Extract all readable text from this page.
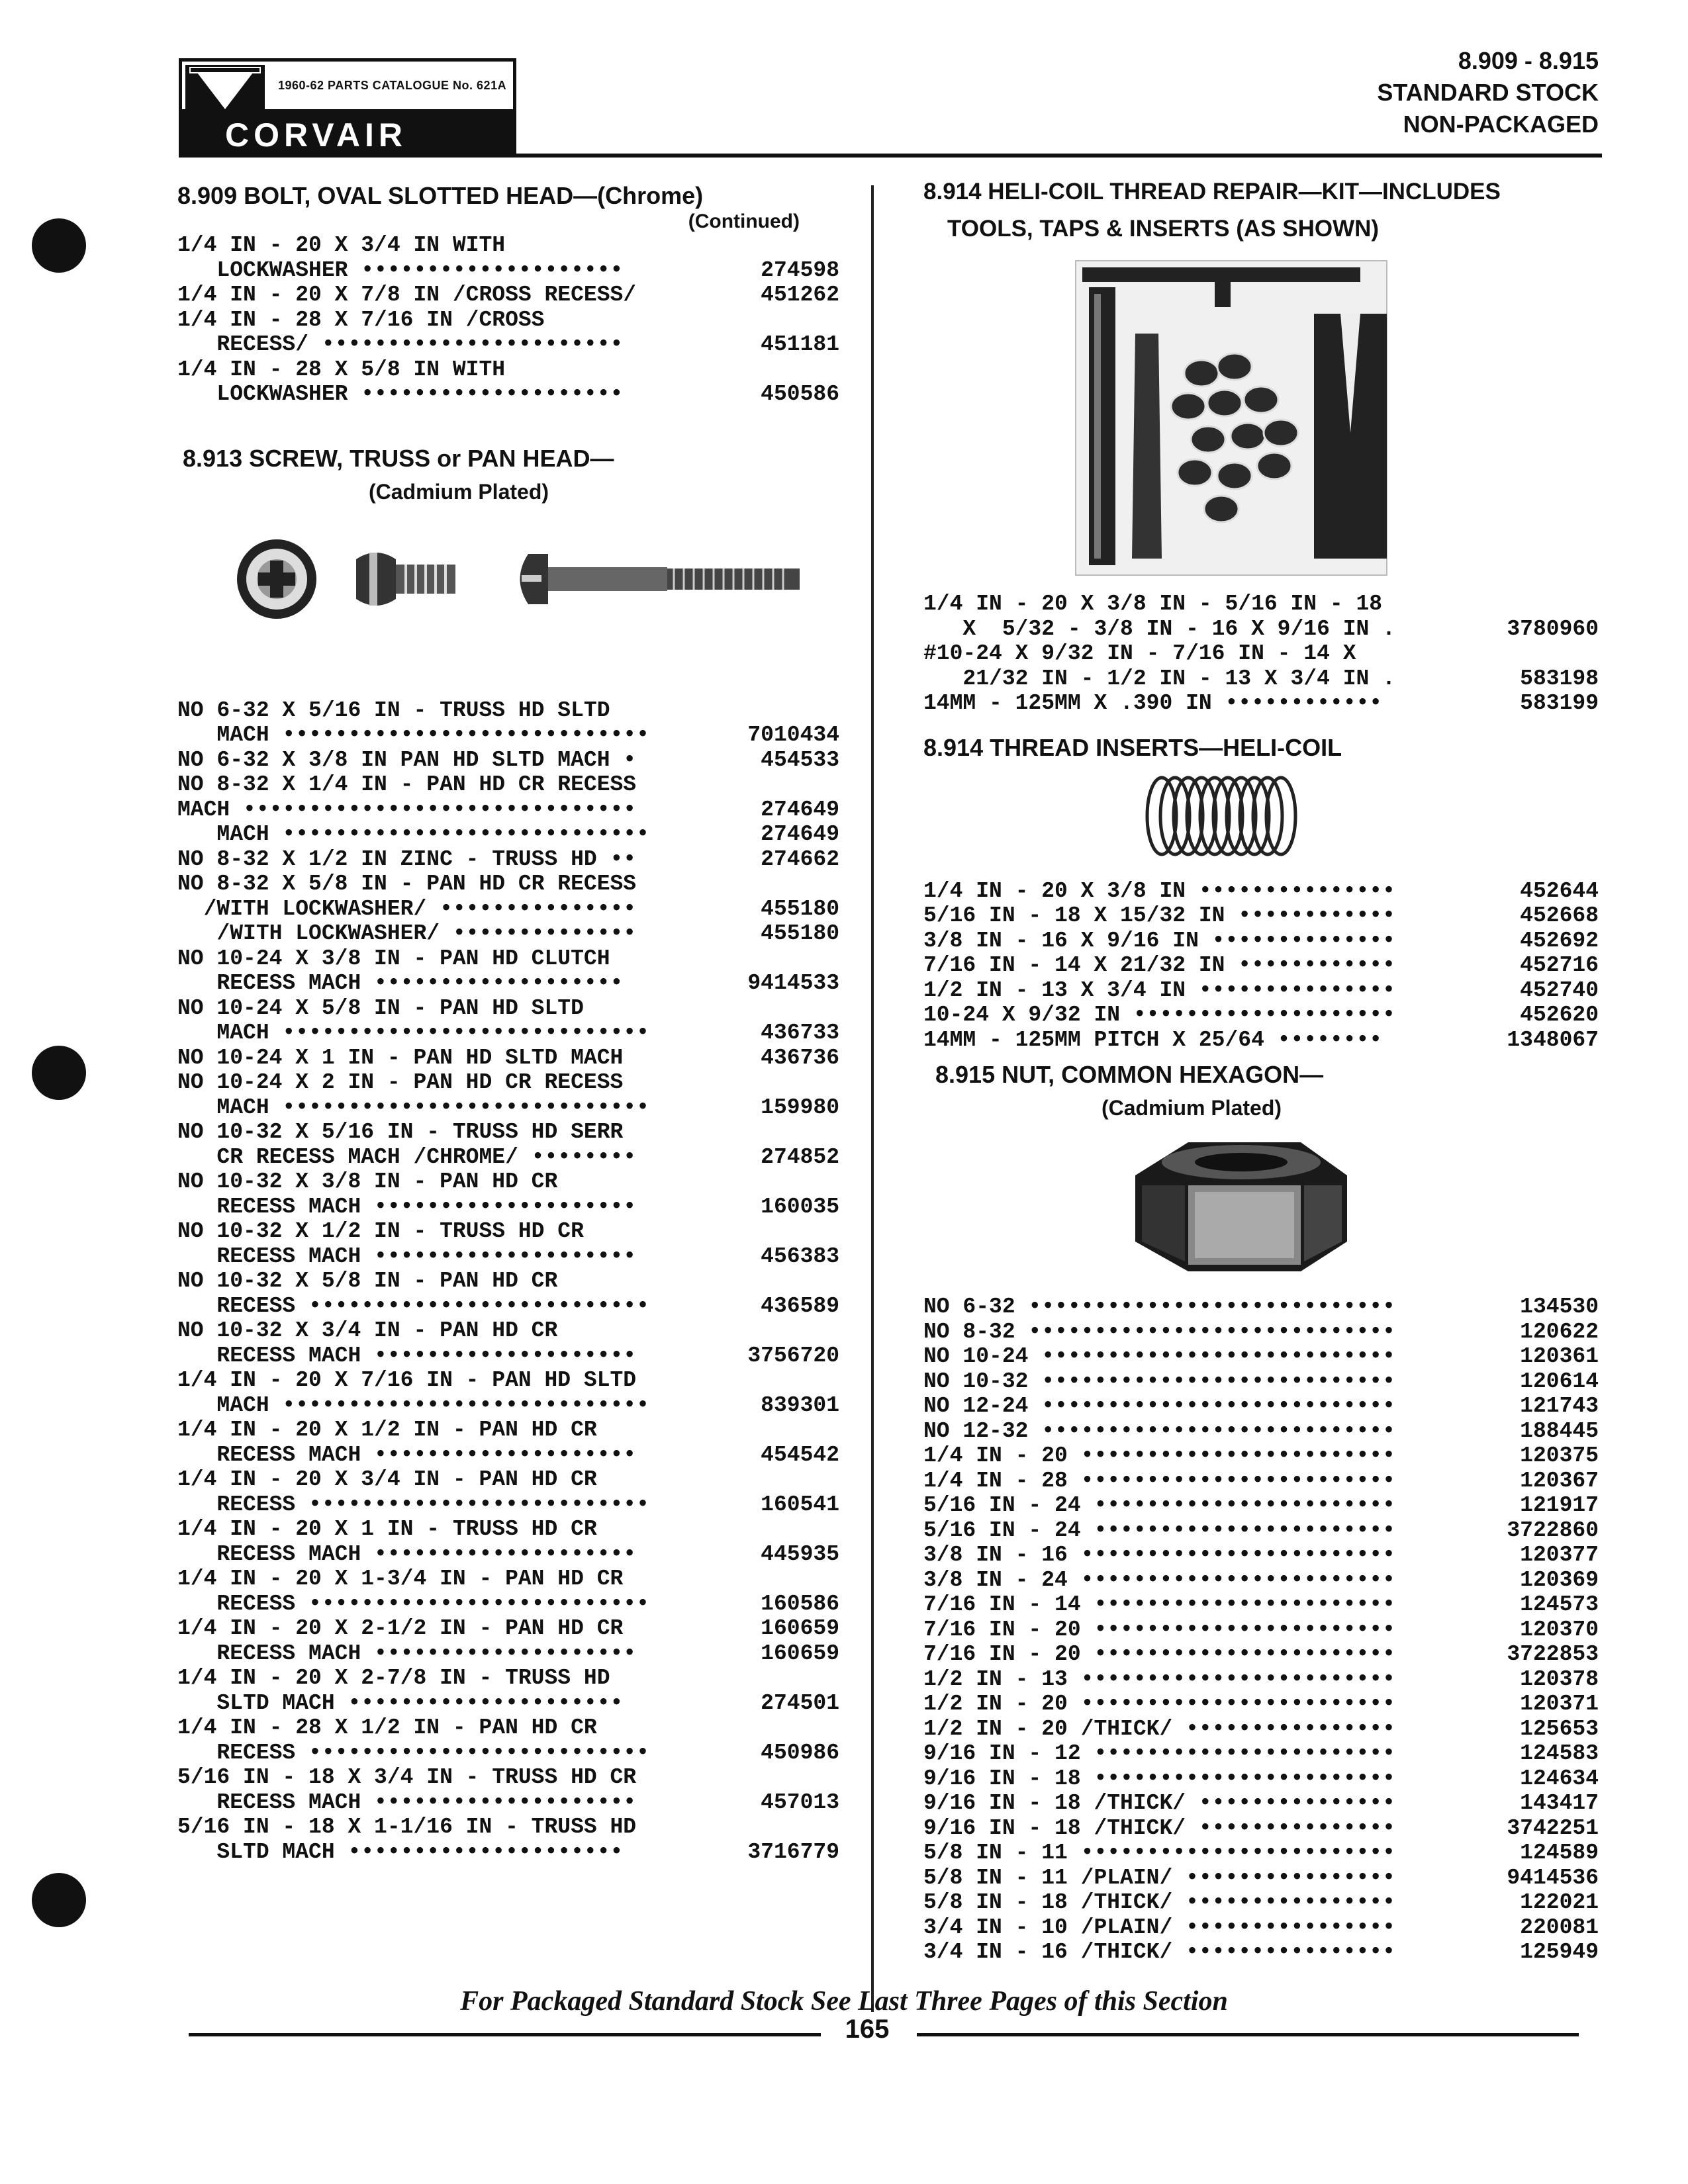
1960-62 PARTS CATALOGUE No. 621A
CORVAIR
8.909 - 8.915
STANDARD STOCK
NON-PACKAGED
8.909 BOLT, OVAL SLOTTED HEAD—(Chrome)
(Continued)
1/4 IN - 20 X 3/4 IN WITH
LOCKWASHER ••••••••••••••••••••	274598
1/4 IN - 20 X 7/8 IN /CROSS RECESS/	451262
1/4 IN - 28 X 7/16 IN /CROSS
RECESS/ •••••••••••••••••••••••	451181
1/4 IN - 28 X 5/8 IN WITH
LOCKWASHER ••••••••••••••••••••	450586
8.913 SCREW, TRUSS or PAN HEAD—
(Cadmium Plated)
NO 6-32 X 5/16 IN - TRUSS HD SLTD
MACH ••••••••••••••••••••••••••••	7010434
NO 6-32 X 3/8 IN PAN HD SLTD MACH •	454533
NO 8-32 X 1/4 IN - PAN HD CR RECESS
MACH ••••••••••••••••••••••••••••••	274649
MACH ••••••••••••••••••••••••••••	274649
NO 8-32 X 1/2 IN ZINC - TRUSS HD ••	274662
NO 8-32 X 5/8 IN - PAN HD CR RECESS
/WITH LOCKWASHER/ •••••••••••••••	455180
/WITH LOCKWASHER/ ••••••••••••••	455180
NO 10-24 X 3/8 IN - PAN HD CLUTCH
RECESS MACH •••••••••••••••••••	9414533
NO 10-24 X 5/8 IN - PAN HD SLTD
MACH ••••••••••••••••••••••••••••	436733
NO 10-24 X 1 IN - PAN HD SLTD MACH	436736
NO 10-24 X 2 IN - PAN HD CR RECESS
MACH ••••••••••••••••••••••••••••	159980
NO 10-32 X 5/16 IN - TRUSS HD SERR
CR RECESS MACH /CHROME/ ••••••••	274852
NO 10-32 X 3/8 IN - PAN HD CR
RECESS MACH ••••••••••••••••••••	160035
NO 10-32 X 1/2 IN - TRUSS HD CR
RECESS MACH ••••••••••••••••••••	456383
NO 10-32 X 5/8 IN - PAN HD CR
RECESS ••••••••••••••••••••••••••	436589
NO 10-32 X 3/4 IN - PAN HD CR
RECESS MACH ••••••••••••••••••••	3756720
1/4 IN - 20 X 7/16 IN - PAN HD SLTD
MACH ••••••••••••••••••••••••••••	839301
1/4 IN - 20 X 1/2 IN - PAN HD CR
RECESS MACH ••••••••••••••••••••	454542
1/4 IN - 20 X 3/4 IN - PAN HD CR
RECESS ••••••••••••••••••••••••••	160541
1/4 IN - 20 X 1 IN - TRUSS HD CR
RECESS MACH ••••••••••••••••••••	445935
1/4 IN - 20 X 1-3/4 IN - PAN HD CR
RECESS ••••••••••••••••••••••••••	160586
1/4 IN - 20 X 2-1/2 IN - PAN HD CR	160659
RECESS MACH ••••••••••••••••••••	160659
1/4 IN - 20 X 2-7/8 IN - TRUSS HD
SLTD MACH •••••••••••••••••••••	274501
1/4 IN - 28 X 1/2 IN - PAN HD CR
RECESS ••••••••••••••••••••••••••	450986
5/16 IN - 18 X 3/4 IN - TRUSS HD CR
RECESS MACH ••••••••••••••••••••	457013
5/16 IN - 18 X 1-1/16 IN - TRUSS HD
SLTD MACH •••••••••••••••••••••	3716779
8.914 HELI-COIL THREAD REPAIR—KIT—INCLUDES
TOOLS, TAPS & INSERTS (AS SHOWN)
1/4 IN - 20 X 3/8 IN - 5/16 IN - 18
X  5/32 - 3/8 IN - 16 X 9/16 IN .	3780960
#10-24 X 9/32 IN - 7/16 IN - 14 X
21/32 IN - 1/2 IN - 13 X 3/4 IN .	583198
14MM - 125MM X .390 IN ••••••••••••	583199
8.914 THREAD INSERTS—HELI-COIL
1/4 IN - 20 X 3/8 IN •••••••••••••••	452644
5/16 IN - 18 X 15/32 IN ••••••••••••	452668
3/8 IN - 16 X 9/16 IN ••••••••••••••	452692
7/16 IN - 14 X 21/32 IN ••••••••••••	452716
1/2 IN - 13 X 3/4 IN •••••••••••••••	452740
10-24 X 9/32 IN ••••••••••••••••••••	452620
14MM - 125MM PITCH X 25/64 ••••••••	1348067
8.915 NUT, COMMON HEXAGON—
(Cadmium Plated)
NO 6-32 ••••••••••••••••••••••••••••	134530
NO 8-32 ••••••••••••••••••••••••••••	120622
NO 10-24 •••••••••••••••••••••••••••	120361
NO 10-32 •••••••••••••••••••••••••••	120614
NO 12-24 •••••••••••••••••••••••••••	121743
NO 12-32 •••••••••••••••••••••••••••	188445
1/4 IN - 20 ••••••••••••••••••••••••	120375
1/4 IN - 28 ••••••••••••••••••••••••	120367
5/16 IN - 24 •••••••••••••••••••••••	121917
5/16 IN - 24 •••••••••••••••••••••••	3722860
3/8 IN - 16 ••••••••••••••••••••••••	120377
3/8 IN - 24 ••••••••••••••••••••••••	120369
7/16 IN - 14 •••••••••••••••••••••••	124573
7/16 IN - 20 •••••••••••••••••••••••	120370
7/16 IN - 20 •••••••••••••••••••••••	3722853
1/2 IN - 13 ••••••••••••••••••••••••	120378
1/2 IN - 20 ••••••••••••••••••••••••	120371
1/2 IN - 20 /THICK/ ••••••••••••••••	125653
9/16 IN - 12 •••••••••••••••••••••••	124583
9/16 IN - 18 •••••••••••••••••••••••	124634
9/16 IN - 18 /THICK/ •••••••••••••••	143417
9/16 IN - 18 /THICK/ •••••••••••••••	3742251
5/8 IN - 11 ••••••••••••••••••••••••	124589
5/8 IN - 11 /PLAIN/ ••••••••••••••••	9414536
5/8 IN - 18 /THICK/ ••••••••••••••••	122021
3/4 IN - 10 /PLAIN/ ••••••••••••••••	220081
3/4 IN - 16 /THICK/ ••••••••••••••••	125949
For Packaged Standard Stock See Last Three Pages of this Section
165
